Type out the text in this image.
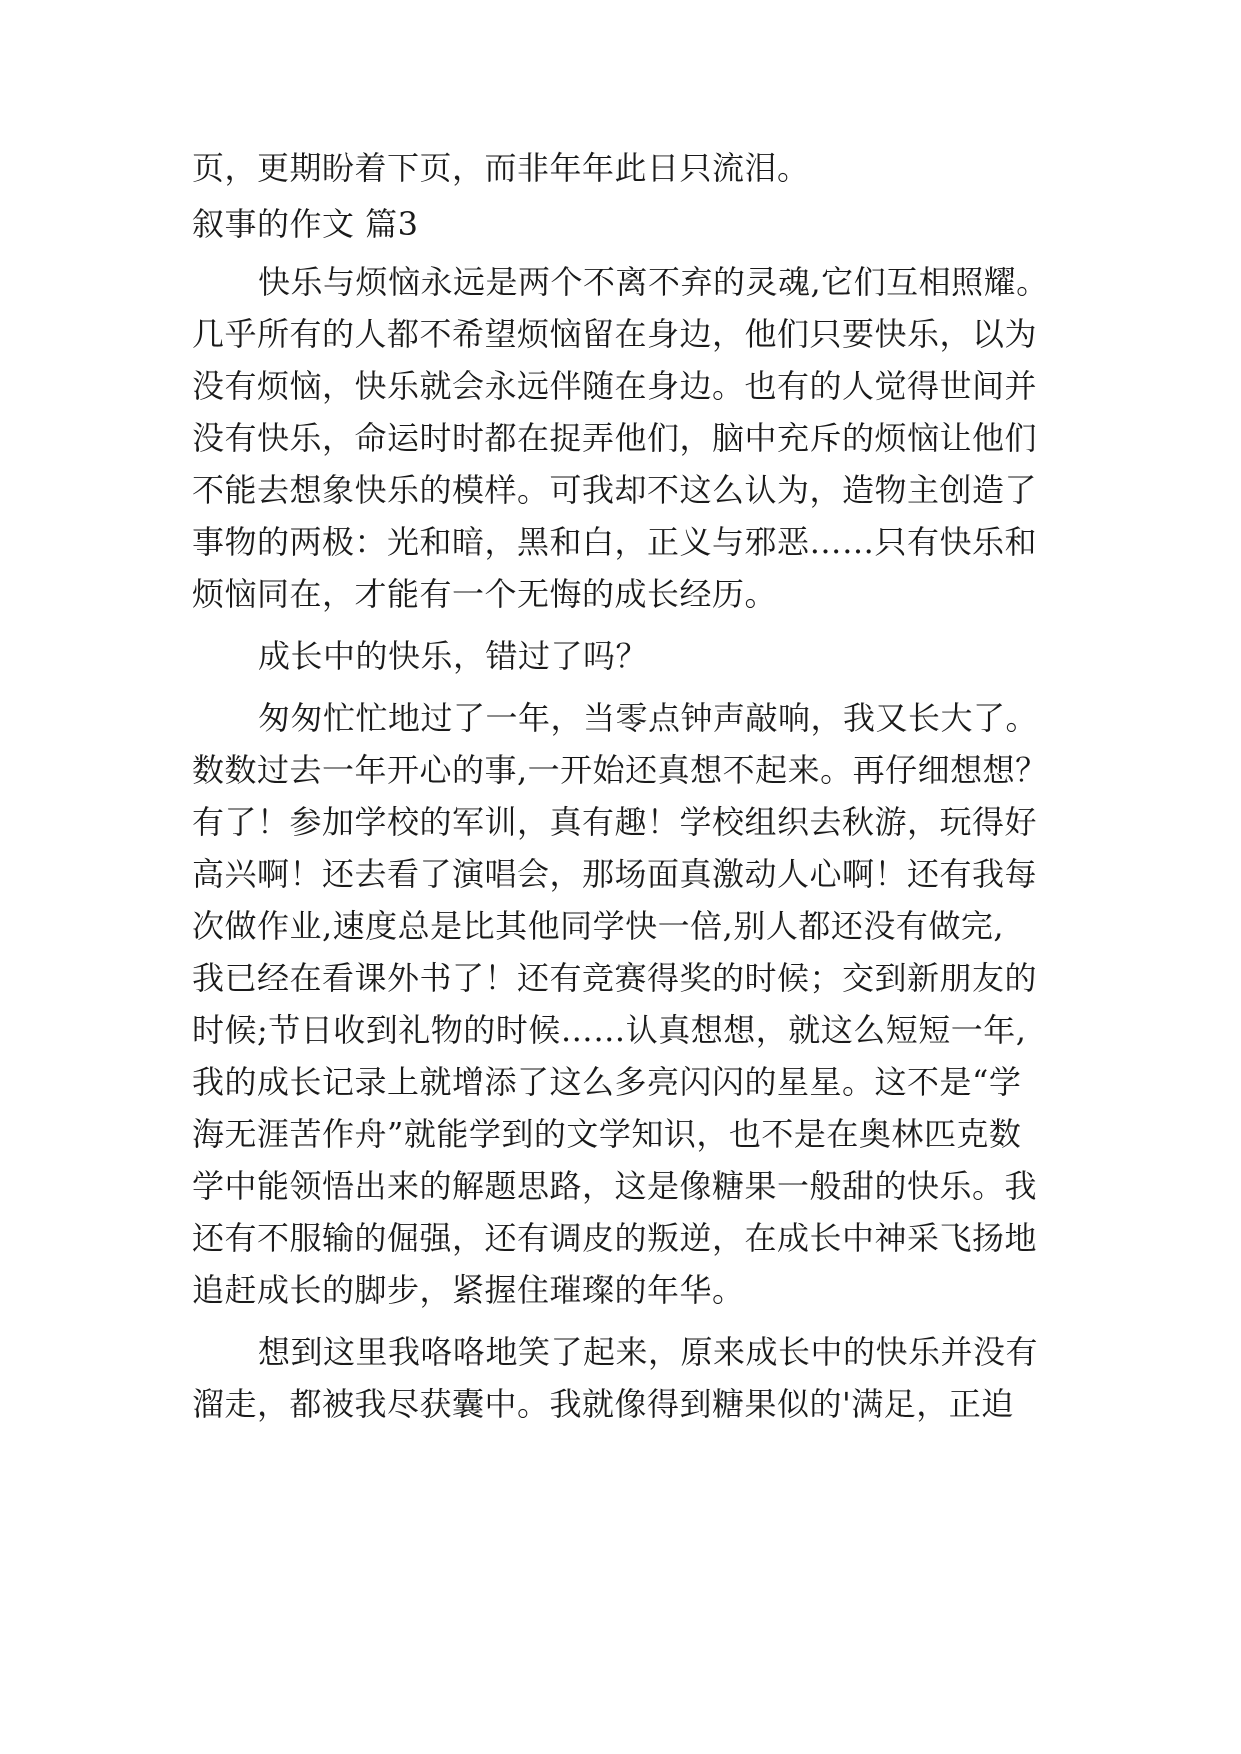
页，更期盼着下页，而非年年此日只流泪。
叙事的作文 篇3
快乐与烦恼永远是两个不离不弃的灵魂,它们互相照耀。
几乎所有的人都不希望烦恼留在身边，他们只要快乐，以为
没有烦恼，快乐就会永远伴随在身边。也有的人觉得世间并
没有快乐，命运时时都在捉弄他们，脑中充斥的烦恼让他们
不能去想象快乐的模样。可我却不这么认为，造物主创造了
事物的两极：光和暗，黑和白，正义与邪恶……只有快乐和
烦恼同在，才能有一个无悔的成长经历。
成长中的快乐，错过了吗？
匆匆忙忙地过了一年，当零点钟声敲响，我又长大了。
数数过去一年开心的事,一开始还真想不起来。再仔细想想？
有了！参加学校的军训，真有趣！学校组织去秋游，玩得好
高兴啊！还去看了演唱会，那场面真激动人心啊！还有我每
次做作业,速度总是比其他同学快一倍,别人都还没有做完,
我已经在看课外书了！还有竞赛得奖的时候；交到新朋友的
时候;节日收到礼物的时候……认真想想，就这么短短一年,
我的成长记录上就增添了这么多亮闪闪的星星。这不是“学
海无涯苦作舟”就能学到的文学知识，也不是在奥林匹克数
学中能领悟出来的解题思路，这是像糖果一般甜的快乐。我
还有不服输的倔强，还有调皮的叛逆，在成长中神采飞扬地
追赶成长的脚步，紧握住璀璨的年华。
想到这里我咯咯地笑了起来，原来成长中的快乐并没有
溜走，都被我尽获囊中。我就像得到糖果似的'满足，正迫
